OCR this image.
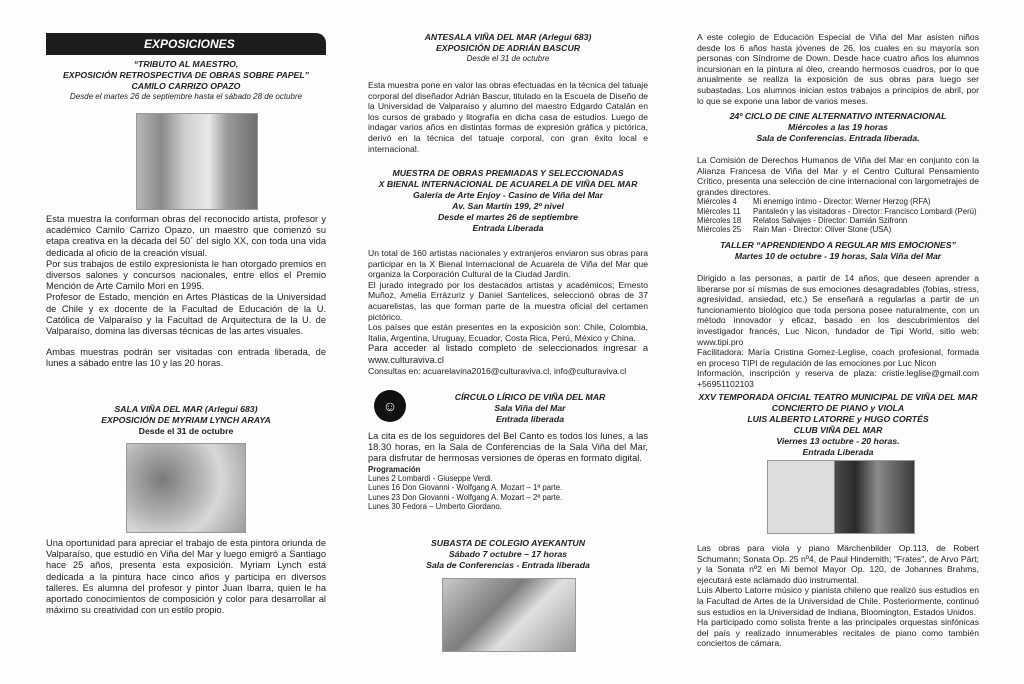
EXPOSICIONES

“TRIBUTO AL MAESTRO,

EXPOSICIÓN RETROSPECTIVA DE OBRAS SOBRE PAPEL”

CAMILO CARRIZO OPAZO

Desde el martes 26 de septiembre hasta el sábado 28 de octubre

Esta muestra la conforman obras del reconocido artista, profesor y académico Camilo Carrizo Opazo, un maestro que comenzó su etapa creativa en la década del 50´ del siglo XX, con toda una vida dedicada al oficio de la creación visual.

Por sus trabajos de estilo expresionista le han otorgado premios en diversos salones y concursos nacionales, entre ellos el Premio Mención de Arte Camilo Mori en 1995.

Profesor de Estado, mención en Artes Plásticas de la Universidad de Chile y ex docente de la Facultad de Educación de la U. Católica de Valparaíso y la Facultad de Arquitectura de la U. de Valparaíso, domina las diversas técnicas de las artes visuales.

Ambas muestras podrán ser visitadas con entrada liberada, de lunes a sábado entre las 10 y las 20 horas.

SALA VIÑA DEL MAR (Arlegui 683)

EXPOSICIÓN DE MYRIAM LYNCH ARAYA

Desde el 31 de octubre

Una oportunidad para apreciar el trabajo de esta pintora oriunda de Valparaíso, que estudió en Viña del Mar y luego emigró a Santiago hace 25 años, presenta esta exposición. Myriam Lynch está dedicada a la pintura hace cinco años y participa en diversos talleres. Es alumna del profesor y pintor Juan Ibarra, quien le ha aportado conocimientos de composición y color para desarrollar al máximo su creatividad con un estilo propio.

ANTESALA VIÑA DEL MAR (Arlegui 683)

EXPOSICIÓN DE ADRIÁN BASCUR

Desde el 31 de octubre

Esta muestra pone en valor las obras efectuadas en la técnica del tatuaje corporal del diseñador Adrián Bascur, titulado en la Escuela de Diseño de la Universidad de Valparaíso y alumno del maestro Edgardo Catalán en los cursos de grabado y litografía en dicha casa de estudios. Luego de indagar varios años en distintas formas de expresión gráfica y pictórica, derivó en la técnica del tatuaje corporal, con gran éxito local e internacional.

MUESTRA DE OBRAS PREMIADAS Y SELECCIONADAS

X BIENAL INTERNACIONAL DE ACUARELA DE VIÑA DEL MAR

Galería de Arte Enjoy - Casino de Viña del Mar

Av. San Martín 199, 2º nivel

Desde el martes 26 de septiembre

Entrada Liberada

Un total de 160 artistas nacionales y extranjeros enviaron sus obras para participar en la X Bienal Internacional de Acuarela de Viña del Mar que organiza la Corporación Cultural de la Ciudad Jardín.

El jurado integrado por los destacados artistas y académicos; Ernesto Muñoz, Amelia Errázuriz y Daniel Santelices, seleccionó obras de 37 acuarelistas, las que forman parte de la muestra oficial del certamen pictórico.

Los países que están presentes en la exposición son: Chile, Colombia, Italia, Argentina, Uruguay, Ecuador, Costa Rica, Perú, México y China.

Para acceder al listado completo de seleccionados ingresar a www.culturaviva.cl

Consultas en: acuarelavina2016@culturaviva.cl, info@culturaviva.cl

☺

CÍRCULO LÍRICO DE VIÑA DEL MAR

Sala Viña del Mar

Entrada liberada

La cita es de los seguidores del Bel Canto es todos los lunes, a las 18.30 horas, en la Sala de Conferencias de la Sala Viña del Mar, para disfrutar de hermosas versiones de óperas en formato digital.

Programación

Lunes 2 Lombardi - Giuseppe Verdi.

Lunes 16 Don Giovanni - Wolfgang A. Mozart – 1ª parte.

Lunes 23 Don Giovanni - Wolfgang A. Mozart – 2ª parte.

Lunes 30 Fedora – Umberto Giordano.

SUBASTA DE COLEGIO AYEKANTUN

Sábado 7 octubre – 17 horas

Sala de Conferencias - Entrada liberada

A este colegio de Educación Especial de Viña del Mar asisten niños desde los 6 años hasta jóvenes de 26, los cuales en su mayoría son personas con Síndrome de Down. Desde hace cuatro años los alumnos incursionan en la pintura al óleo, creando hermosos cuadros, por lo que anualmente se realiza la exposición de sus obras para luego ser subastadas. Los alumnos inician estos trabajos a principios de abril, por lo que se expone una labor de varios meses.

24º CICLO DE CINE ALTERNATIVO INTERNACIONAL

Miércoles a las 19 horas

Sala de Conferencias. Entrada liberada.

La Comisión de Derechos Humanos de Viña del Mar en conjunto con la Alianza Francesa de Viña del Mar y el Centro Cultural Pensamiento Crítico, presenta una selección de cine internacional con largometrajes de grandes directores.

Miércoles 4	Mi enemigo íntimo - Director: Werner Herzog (RFA)
Miércoles 11	Pantaleón y las visitadoras - Director: Francisco Lombardi (Perú)
Miércoles 18	Relatos Salvajes - Director: Damián Szifronn
Miércoles 25	Rain Man - Director: Oliver Stone (USA)

TALLER “APRENDIENDO A REGULAR MIS EMOCIONES”

Martes 10 de octubre - 19 horas, Sala Viña del Mar

Dirigido a las personas, a partir de 14 años, que deseen aprender a liberarse por sí mismas de sus emociones desagradables (fobias, stress, agresividad, ansiedad, etc.) Se enseñará a regularlas a partir de un funcionamiento biológico que toda persona posee naturalmente, con un método innovador y eficaz, basado en los descubrimientos del investigador francés, Luc Nicon, fundador de Tipi World, sitio web: www.tipi.pro

Facilitadora: María Cristina Gomez-Leglise, coach profesional, formada en proceso TIPI de regulación de las emociones por Luc Nicon

Información, inscripción y reserva de plaza: cristie.leglise@gmail.com +56951102103

XXV TEMPORADA OFICIAL TEATRO MUNICIPAL DE VIÑA DEL MAR

CONCIERTO DE PIANO y VIOLA

LUIS ALBERTO LATORRE y HUGO CORTÉS

CLUB VIÑA DEL MAR

Viernes 13 octubre - 20 horas.

Entrada Liberada

Las obras para viola y piano Märchenbilder Op.113, de Robert Schumann; Sonata Op. 25 nº4, de Paul Hindemith; "Frates", de Arvo Pärt; y la Sonata nº2 en Mi bemol Mayor Op. 120, de Johannes Brahms, ejecutará este aclamado dúo instrumental.

Luis Alberto Latorre músico y pianista chileno que realizó sus estudios en la Facultad de Artes de la Universidad de Chile. Posteriormente, continuó sus estudios en la Universidad de Indiana, Bloomington, Estados Unidos.

Ha participado como solista frente a las principales orquestas sinfónicas del país y realizado innumerables recitales de piano como también conciertos de cámara.
